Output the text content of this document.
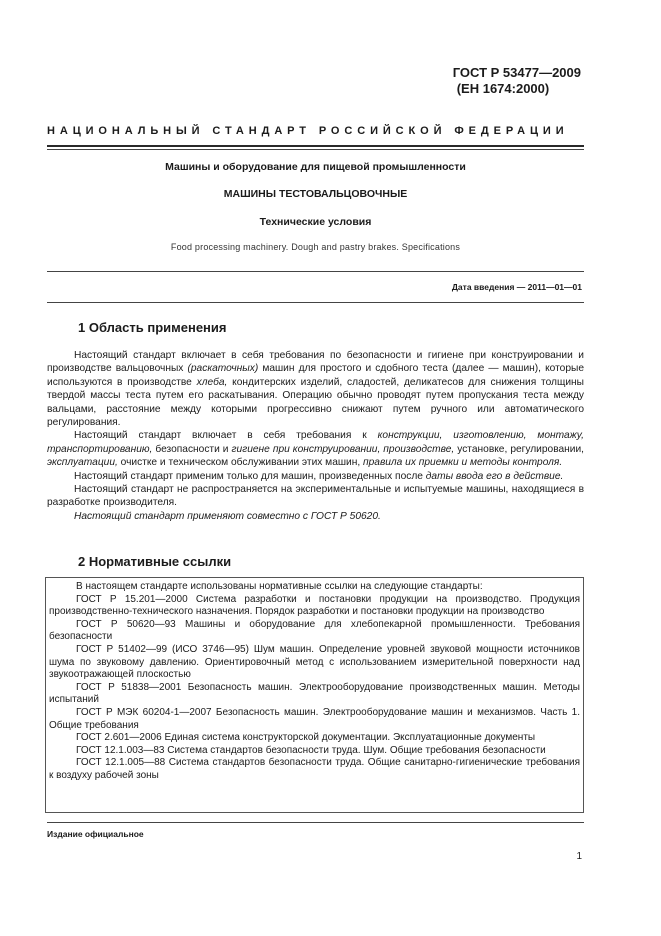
ГОСТ Р 53477—2009
(ЕН 1674:2000)
НАЦИОНАЛЬНЫЙ СТАНДАРТ РОССИЙСКОЙ ФЕДЕРАЦИИ
Машины и оборудование для пищевой промышленности
МАШИНЫ ТЕСТОВАЛЬЦОВОЧНЫЕ
Технические условия
Food processing machinery. Dough and pastry brakes. Specifications
Дата введения — 2011—01—01
1 Область применения

Настоящий стандарт включает в себя требования по безопасности и гигиене при конструировании и производстве вальцовочных (раскаточных) машин для простого и сдобного теста (далее — машин), которые используются в производстве хлеба, кондитерских изделий, сладостей, деликатесов для снижения толщины твердой массы теста путем его раскатывания. Операцию обычно проводят путем пропускания теста между вальцами, расстояние между которыми прогрессивно снижают путем ручного или автоматического регулирования.

Настоящий стандарт включает в себя требования к конструкции, изготовлению, монтажу, транспортированию, безопасности и гигиене при конструировании, производстве, установке, регулировании, эксплуатации, очистке и техническом обслуживании этих машин, правила их приемки и методы контроля.

Настоящий стандарт применим только для машин, произведенных после даты ввода его в действие.

Настоящий стандарт не распространяется на экспериментальные и испытуемые машины, находящиеся в разработке производителя.

Настоящий стандарт применяют совместно с ГОСТ Р 50620.

2 Нормативные ссылки

В настоящем стандарте использованы нормативные ссылки на следующие стандарты:

ГОСТ Р 15.201—2000 Система разработки и постановки продукции на производство. Продукция производственно-технического назначения. Порядок разработки и постановки продукции на производство

ГОСТ Р 50620—93 Машины и оборудование для хлебопекарной промышленности. Требования безопасности

ГОСТ Р 51402—99 (ИСО 3746—95) Шум машин. Определение уровней звуковой мощности источников шума по звуковому давлению. Ориентировочный метод с использованием измерительной поверхности над звукоотражающей плоскостью

ГОСТ Р 51838—2001 Безопасность машин. Электрооборудование производственных машин. Методы испытаний

ГОСТ Р МЭК 60204-1—2007 Безопасность машин. Электрооборудование машин и механизмов. Часть 1. Общие требования

ГОСТ 2.601—2006 Единая система конструкторской документации. Эксплуатационные документы

ГОСТ 12.1.003—83 Система стандартов безопасности труда. Шум. Общие требования безопасности

ГОСТ 12.1.005—88 Система стандартов безопасности труда. Общие санитарно-гигиенические требования к воздуху рабочей зоны

Издание официальное
1
